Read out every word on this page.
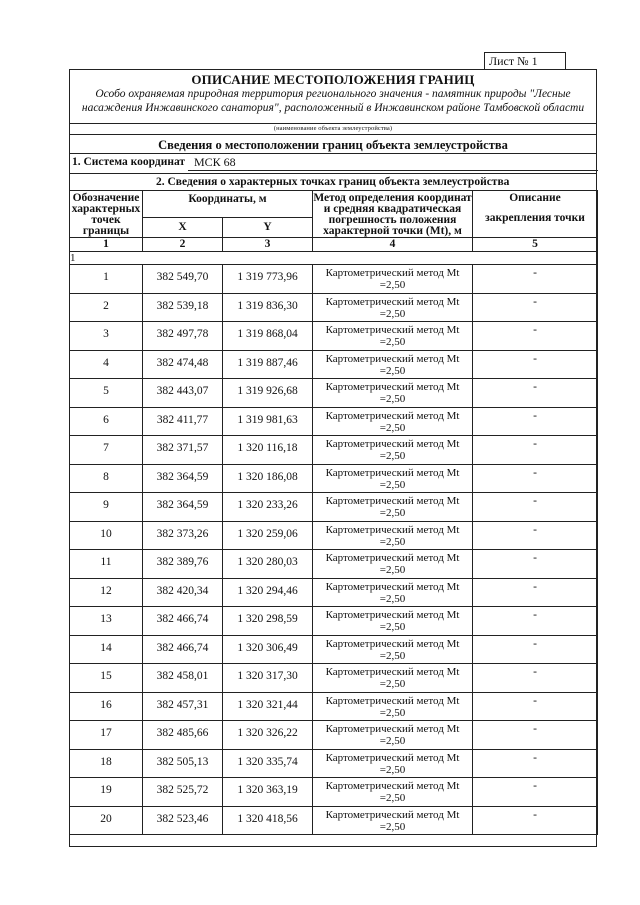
Лист № 1
ОПИСАНИЕ МЕСТОПОЛОЖЕНИЯ ГРАНИЦ
Особо охраняемая природная территория регионального значения - памятник природы "Лесные насаждения Инжавинского санатория", расположенный в Инжавинском районе Тамбовской области
(наименование объекта землеустройства)
Сведения о местоположении границ объекта землеустройства
1. Система координат МСК 68
2. Сведения о характерных точках границ объекта землеустройства
Обозначение характерных точек границы	Координаты, м		Метод определения координат и средняя квадратическая погрешность положения характерной точки (Mt), м	Описание
закрепления точки

	X	Y		
1	2	3	4	5
1				
1	382 549,70	1 319 773,96	Картометрический метод Mt =2,50	-
2	382 539,18	1 319 836,30	Картометрический метод Mt =2,50	-
3	382 497,78	1 319 868,04	Картометрический метод Mt =2,50	-
4	382 474,48	1 319 887,46	Картометрический метод Mt =2,50	-
5	382 443,07	1 319 926,68	Картометрический метод Mt =2,50	-
6	382 411,77	1 319 981,63	Картометрический метод Mt =2,50	-
7	382 371,57	1 320 116,18	Картометрический метод Mt =2,50	-
8	382 364,59	1 320 186,08	Картометрический метод Mt =2,50	-
9	382 364,59	1 320 233,26	Картометрический метод Mt =2,50	-
10	382 373,26	1 320 259,06	Картометрический метод Mt =2,50	-
11	382 389,76	1 320 280,03	Картометрический метод Mt =2,50	-
12	382 420,34	1 320 294,46	Картометрический метод Mt =2,50	-
13	382 466,74	1 320 298,59	Картометрический метод Mt =2,50	-
14	382 466,74	1 320 306,49	Картометрический метод Mt =2,50	-
15	382 458,01	1 320 317,30	Картометрический метод Mt =2,50	-
16	382 457,31	1 320 321,44	Картометрический метод Mt =2,50	-
17	382 485,66	1 320 326,22	Картометрический метод Mt =2,50	-
18	382 505,13	1 320 335,74	Картометрический метод Mt =2,50	-
19	382 525,72	1 320 363,19	Картометрический метод Mt =2,50	-
20	382 523,46	1 320 418,56	Картометрический метод Mt =2,50	-
